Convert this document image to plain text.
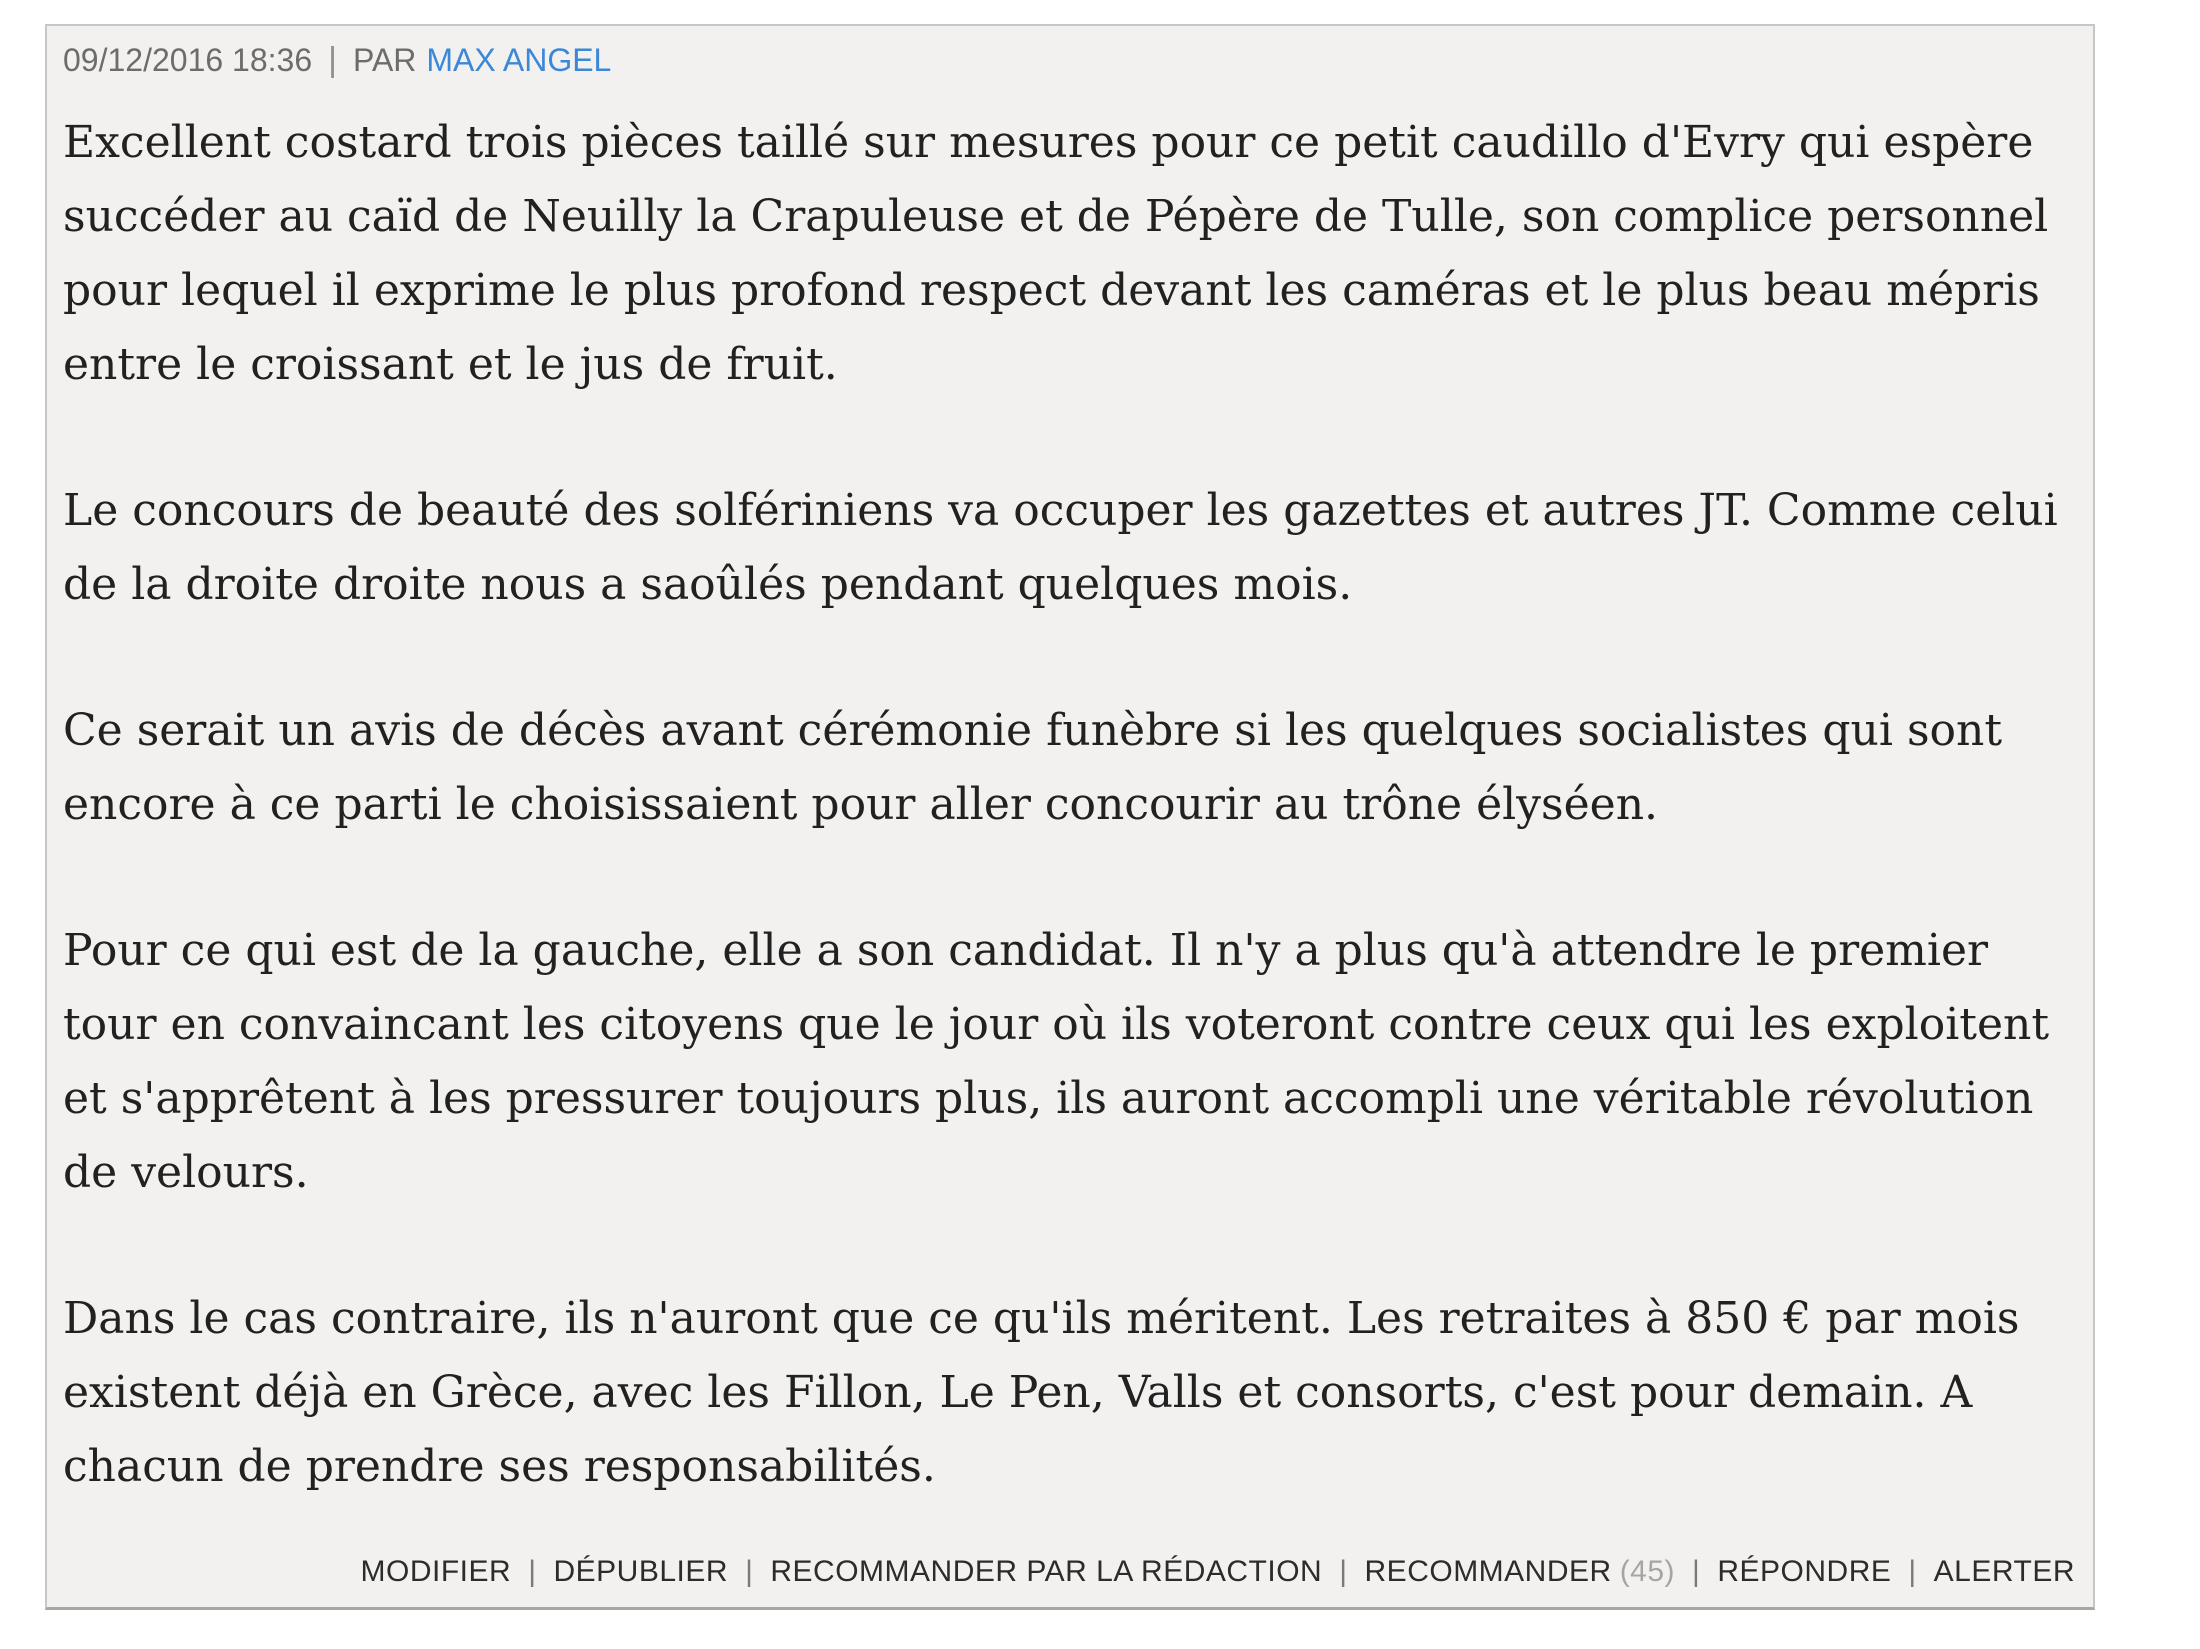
09/12/2016 18:36 | PAR MAX ANGEL

Excellent costard trois pièces taillé sur mesures pour ce petit caudillo d'Evry qui espère succéder au caïd de Neuilly la Crapuleuse et de Pépère de Tulle, son complice personnel pour lequel il exprime le plus profond respect devant les caméras et le plus beau mépris entre le croissant et le jus de fruit.

Le concours de beauté des solfériniens va occuper les gazettes et autres JT. Comme celui de la droite droite nous a saoûlés pendant quelques mois.

Ce serait un avis de décès avant cérémonie funèbre si les quelques socialistes qui sont encore à ce parti le choisissaient pour aller concourir au trône élyséen.

Pour ce qui est de la gauche, elle a son candidat. Il n'y a plus qu'à attendre le premier tour en convaincant les citoyens que le jour où ils voteront contre ceux qui les exploitent et s'apprêtent à les pressurer toujours plus, ils auront accompli une véritable révolution de velours.

Dans le cas contraire, ils n'auront que ce qu'ils méritent. Les retraites à 850 € par mois existent déjà en Grèce, avec les Fillon, Le Pen, Valls et consorts, c'est pour demain. A chacun de prendre ses responsabilités.

MODIFIER | DÉPUBLIER | RECOMMANDER PAR LA RÉDACTION | RECOMMANDER (45) | RÉPONDRE | ALERTER
